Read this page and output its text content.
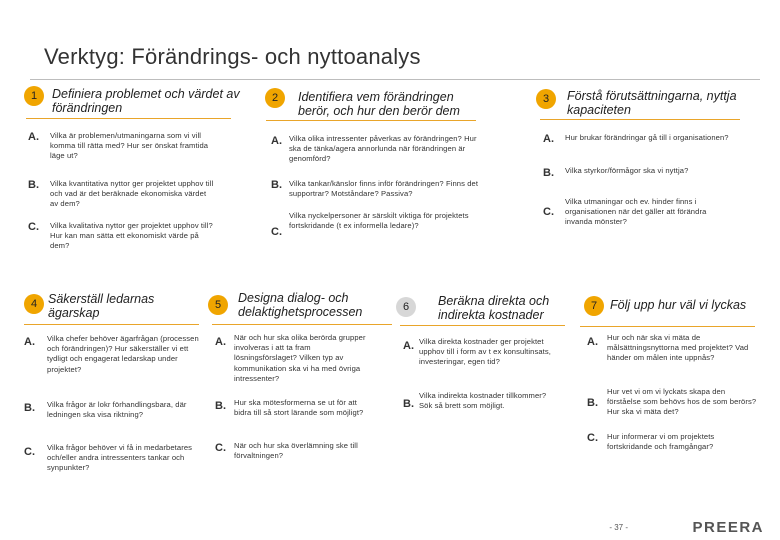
Verktyg: Förändrings- och nyttoanalys
1	Definiera problemet och värdet av förändringen
A. Vilka är problemen/utmaningarna som vi vill komma till rätta med? Hur ser önskat framtida läge ut?
B. Vilka kvantitativa nyttor ger projektet upphov till och vad är det beräknade ekonomiska värdet av dem?
C. Vilka kvalitativa nyttor ger projektet upphov till? Hur kan man sätta ett ekonomiskt värde på dem?
2	Identifiera vem förändringen berör, och hur den berör dem
A. Vilka olika intressenter påverkas av förändringen? Hur ska de tänka/agera annorlunda när förändringen är genomförd?
B. Vilka tankar/känslor finns inför förändringen? Finns det supportrar? Motståndare? Passiva?
C.
Vilka nyckelpersoner är särskilt viktiga för projektets fortskridande (t ex informella ledare)?
3	Förstå förutsättningarna, nyttja kapaciteten
A. Hur brukar förändringar gå till i organisationen?
B. Vilka styrkor/förmågor ska vi nyttja?
C.
Vilka utmaningar och ev. hinder finns i organisationen när det gäller att förändra invanda mönster?
4 Säkerställ ledarnas ägarskap
A. Vilka chefer behöver ägarfrågan (processen och förändringen)? Hur säkerställer vi ett tydligt och engagerat ledarskap under projektet?
B. Vilka frågor är lokr förhandlingsbara, där ledningen ska visa riktning?
C. Vilka frågor behöver vi få in medarbetares och/eller andra intressenters tankar och synpunkter?
5	Designa dialog- och delaktighetsprocessen
A. När och hur ska olika berörda grupper involveras i att ta fram lösningsförslaget? Vilken typ av kommunikation ska vi ha med övriga intressenter?
B. Hur ska mötesformerna se ut för att bidra till så stort lärande som möjligt?
C. När och hur ska överlämning ske till förvaltningen?
6	Beräkna direkta och indirekta kostnader
A. Vilka direkta kostnader ger projektet upphov till i form av t ex konsultinsats, investeringar, egen tid?
B.
Vilka indirekta kostnader tillkommer? Sök så brett som möjligt.
7	Följ upp hur väl vi lyckas
A. Hur och när ska vi mäta de målsättningsnyttorna med projektet? Vad händer om målen inte uppnås?
B.
Hur vet vi om vi lyckats skapa den förståelse som behövs hos de som berörs? Hur ska vi mäta det?
C. Hur informerar vi om projektets fortskridande och framgångar?
- 37 -	PREERA
